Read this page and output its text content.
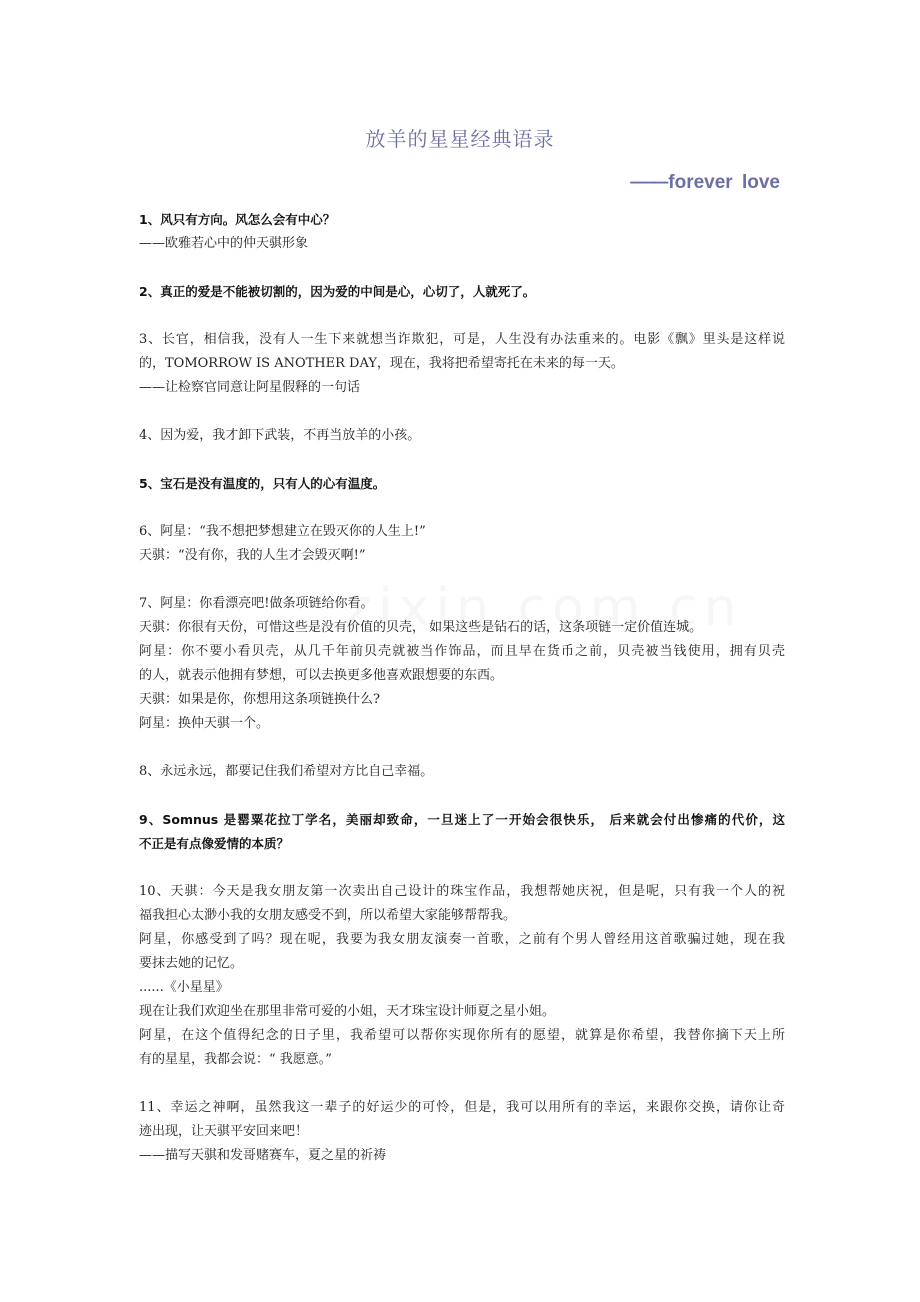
放羊的星星经典语录
——forever love
1、风只有方向。风怎么会有中心？
——欧雅若心中的仲天骐形象
2、真正的爱是不能被切割的，因为爱的中间是心，心切了，人就死了。
3、长官，相信我，没有人一生下来就想当诈欺犯，可是，人生没有办法重来的。电影《飘》里头是这样说
的，TOMORROW IS ANOTHER DAY，现在，我将把希望寄托在未来的每一天。
——让检察官同意让阿星假释的一句话
4、因为爱，我才卸下武装，不再当放羊的小孩。
5、宝石是没有温度的，只有人的心有温度。
6、阿星：“我不想把梦想建立在毁灭你的人生上!”
天骐：“没有你，我的人生才会毁灭啊!”
7、阿星：你看漂亮吧!做条项链给你看。
天骐：你很有天份，可惜这些是没有价值的贝壳， 如果这些是钻石的话，这条项链一定价值连城。
阿星：你不要小看贝壳，从几千年前贝壳就被当作饰品，而且早在货币之前，贝壳被当钱使用，拥有贝壳
的人，就表示他拥有梦想，可以去换更多他喜欢跟想要的东西。
天骐：如果是你，你想用这条项链换什么?
阿星：换仲天骐一个。
8、永远永远，都要记住我们希望对方比自己幸福。
9、Somnus 是罂粟花拉丁学名，美丽却致命，一旦迷上了一开始会很快乐， 后来就会付出惨痛的代价，这
不正是有点像爱情的本质？
10、天骐：今天是我女朋友第一次卖出自己设计的珠宝作品，我想帮她庆祝，但是呢，只有我一个人的祝
福我担心太渺小我的女朋友感受不到，所以希望大家能够帮帮我。
阿星，你感受到了吗？现在呢，我要为我女朋友演奏一首歌，之前有个男人曾经用这首歌骗过她，现在我
要抹去她的记忆。
......《小星星》
现在让我们欢迎坐在那里非常可爱的小姐，天才珠宝设计师夏之星小姐。
阿星，在这个值得纪念的日子里，我希望可以帮你实现你所有的愿望，就算是你希望，我替你摘下天上所
有的星星，我都会说：“ 我愿意。”
11、幸运之神啊，虽然我这一辈子的好运少的可怜，但是，我可以用所有的幸运，来跟你交换，请你让奇
迹出现，让天骐平安回来吧！
——描写天骐和发哥赌赛车，夏之星的祈祷
